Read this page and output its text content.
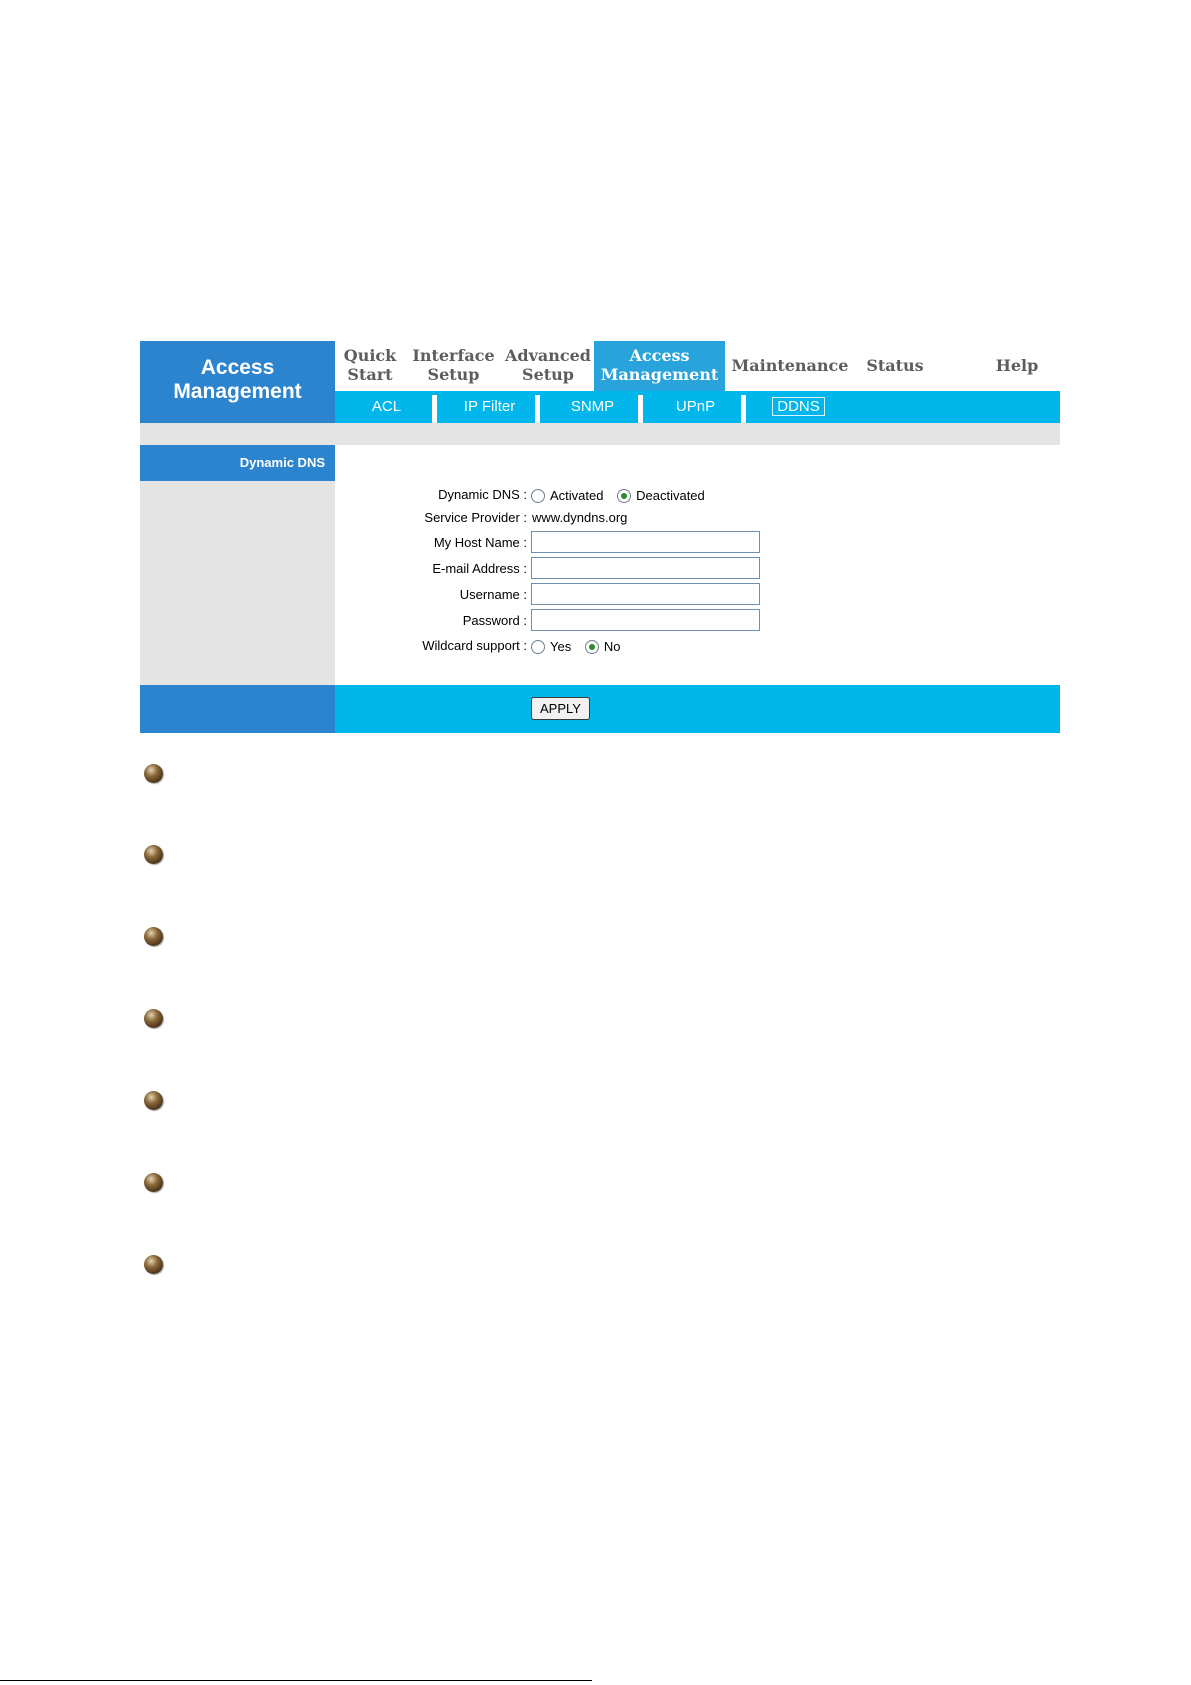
Access
Management
Quick
Start
Interface
Setup
Advanced
Setup
Access
Management Maintenance	Status	Help
ACL	IP Filter	SNMP	UPnP	DDNS
Dynamic DNS
Dynamic DNS :	Activated	Deactivated
Service Provider : www.dyndns.org
My Host Name :
E-mail Address :
Username :
Password :
Wildcard support :	Yes	No
APPLY
